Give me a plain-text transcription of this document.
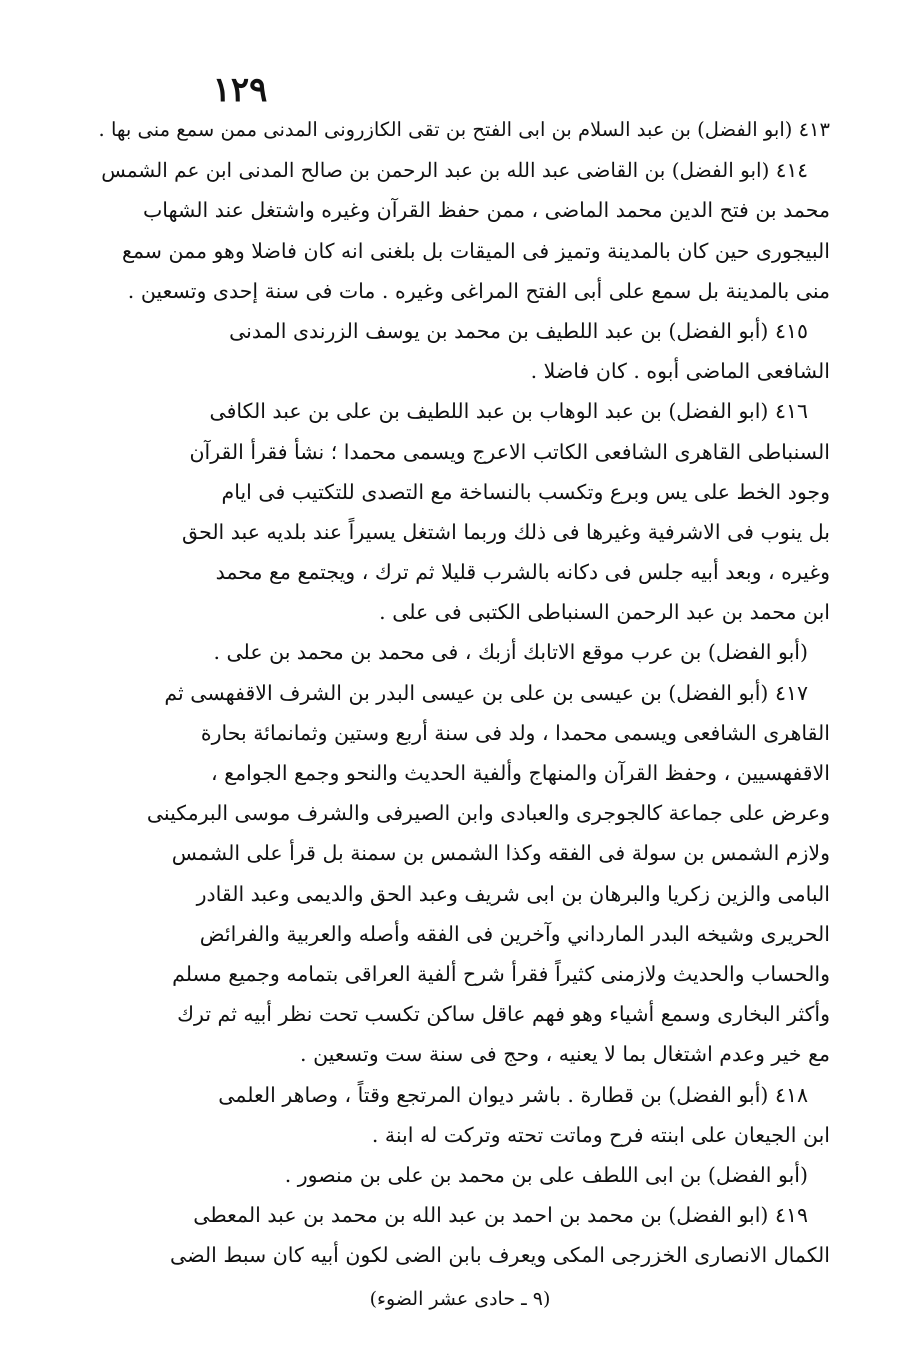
١٢٩
٤١٣ (ابو الفضل) بن عبد السلام بن ابى الفتح بن تقى الكازرونى المدنى ممن سمع منى بها .
٤١٤ (ابو الفضل) بن القاضى عبد الله بن عبد الرحمن بن صالح المدنى ابن عم الشمس
محمد بن فتح الدين محمد الماضى ، ممن حفظ القرآن وغيره واشتغل عند الشهاب
البيجورى حين كان بالمدينة وتميز فى الميقات بل بلغنى انه كان فاضلا وهو ممن سمع
منى بالمدينة بل سمع على أبى الفتح المراغى وغيره . مات فى سنة إحدى وتسعين .
٤١٥ (أبو الفضل) بن عبد اللطيف بن محمد بن يوسف الزرندى المدنى
الشافعى الماضى أبوه . كان فاضلا .
٤١٦ (ابو الفضل) بن عبد الوهاب بن عبد اللطيف بن على بن عبد الكافى
السنباطى القاهرى الشافعى الكاتب الاعرج ويسمى محمدا ؛ نشأ فقرأ القرآن
وجود الخط على يس وبرع وتكسب بالنساخة مع التصدى للتكتيب فى ايام
بل ينوب فى الاشرفية وغيرها فى ذلك وربما اشتغل يسيراً عند بلديه عبد الحق
وغيره ، وبعد أبيه جلس فى دكانه بالشرب قليلا ثم ترك ، ويجتمع مع محمد
ابن محمد بن عبد الرحمن السنباطى الكتبى فى على .
(أبو الفضل) بن عرب موقع الاتابك أزبك ، فى محمد بن محمد بن على .
٤١٧ (أبو الفضل) بن عيسى بن على بن عيسى البدر بن الشرف الاقفهسى ثم
القاهرى الشافعى ويسمى محمدا ، ولد فى سنة أربع وستين وثمانمائة بحارة
الاقفهسيين ، وحفظ القرآن والمنهاج وألفية الحديث والنحو وجمع الجوامع ،
وعرض على جماعة كالجوجرى والعبادى وابن الصيرفى والشرف موسى البرمكينى
ولازم الشمس بن سولة فى الفقه وكذا الشمس بن سمنة بل قرأ على الشمس
البامى والزين زكريا والبرهان بن ابى شريف وعبد الحق والديمى وعبد القادر
الحريرى وشيخه البدر المارداني وآخرين فى الفقه وأصله والعربية والفرائض
والحساب والحديث ولازمنى كثيراً فقرأ شرح ألفية العراقى بتمامه وجميع مسلم
وأكثر البخارى وسمع أشياء وهو فهم عاقل ساكن تكسب تحت نظر أبيه ثم ترك
مع خير وعدم اشتغال بما لا يعنيه ، وحج فى سنة ست وتسعين .
٤١٨ (أبو الفضل) بن قطارة . باشر ديوان المرتجع وقتاً ، وصاهر العلمى
ابن الجيعان على ابنته فرح وماتت تحته وتركت له ابنة .
(أبو الفضل) بن ابى اللطف على بن محمد بن على بن منصور .
٤١٩ (ابو الفضل) بن محمد بن احمد بن عبد الله بن محمد بن عبد المعطى
الكمال الانصارى الخزرجى المكى ويعرف بابن الضى لكون أبيه كان سبط الضى
(٩ ـ حادى عشر الضوء)
